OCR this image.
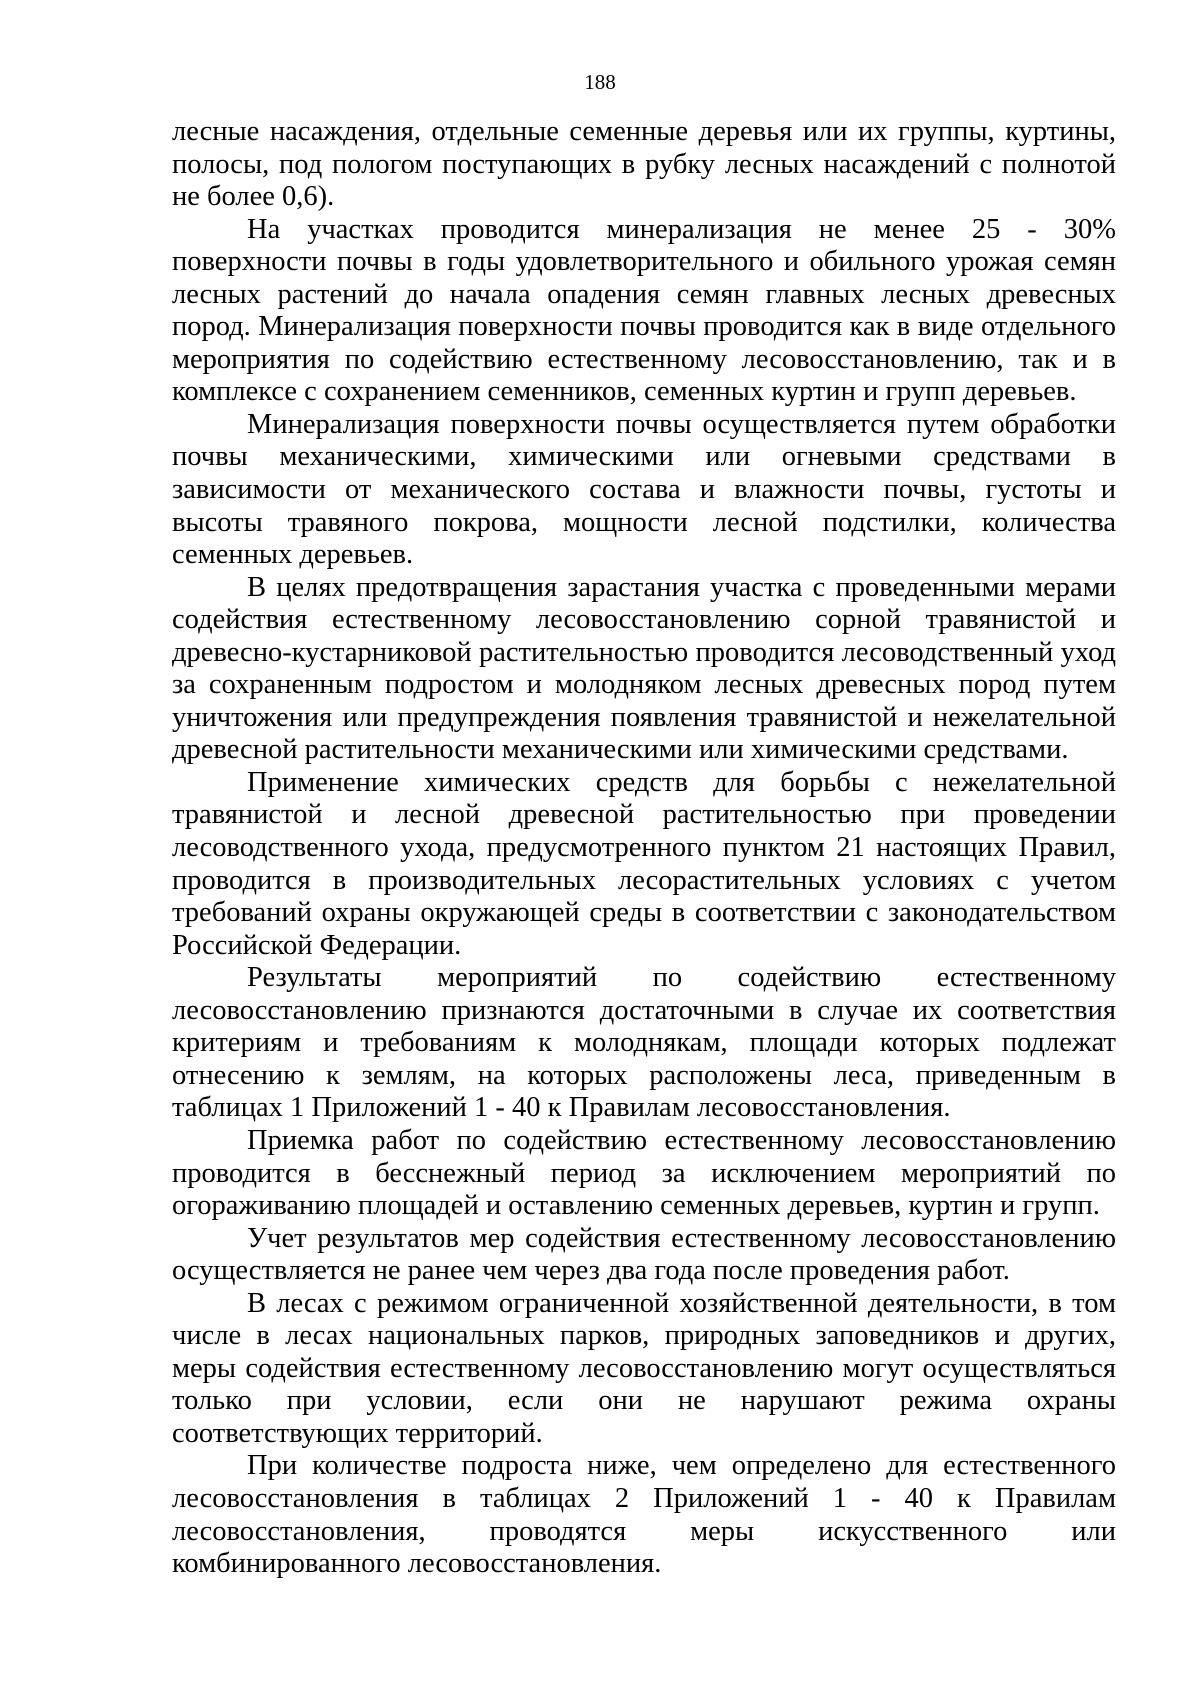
188

лесные насаждения, отдельные семенные деревья или их группы, куртины, полосы, под пологом поступающих в рубку лесных насаждений с полнотой не более 0,6).

На участках проводится минерализация не менее 25 - 30% поверхности почвы в годы удовлетворительного и обильного урожая семян лесных растений до начала опадения семян главных лесных древесных пород. Минерализация поверхности почвы проводится как в виде отдельного мероприятия по содействию естественному лесовосстановлению, так и в комплексе с сохранением семенников, семенных куртин и групп деревьев.

Минерализация поверхности почвы осуществляется путем обработки почвы механическими, химическими или огневыми средствами в зависимости от механического состава и влажности почвы, густоты и высоты травяного покрова, мощности лесной подстилки, количества семенных деревьев.

В целях предотвращения зарастания участка с проведенными мерами содействия естественному лесовосстановлению сорной травянистой и древесно-кустарниковой растительностью проводится лесоводственный уход за сохраненным подростом и молодняком лесных древесных пород путем уничтожения или предупреждения появления травянистой и нежелательной древесной растительности механическими или химическими средствами.

Применение химических средств для борьбы с нежелательной травянистой и лесной древесной растительностью при проведении лесоводственного ухода, предусмотренного пунктом 21 настоящих Правил, проводится в производительных лесорастительных условиях с учетом требований охраны окружающей среды в соответствии с законодательством Российской Федерации.

Результаты мероприятий по содействию естественному лесовосстановлению признаются достаточными в случае их соответствия критериям и требованиям к молоднякам, площади которых подлежат отнесению к землям, на которых расположены леса, приведенным в таблицах 1 Приложений 1 - 40 к Правилам лесовосстановления.

Приемка работ по содействию естественному лесовосстановлению проводится в бесснежный период за исключением мероприятий по огораживанию площадей и оставлению семенных деревьев, куртин и групп.

Учет результатов мер содействия естественному лесовосстановлению осуществляется не ранее чем через два года после проведения работ.

В лесах с режимом ограниченной хозяйственной деятельности, в том числе в лесах национальных парков, природных заповедников и других, меры содействия естественному лесовосстановлению могут осуществляться только при условии, если они не нарушают режима охраны соответствующих территорий.

При количестве подроста ниже, чем определено для естественного лесовосстановления в таблицах 2 Приложений 1 - 40 к Правилам лесовосстановления, проводятся меры искусственного или комбинированного лесовосстановления.
